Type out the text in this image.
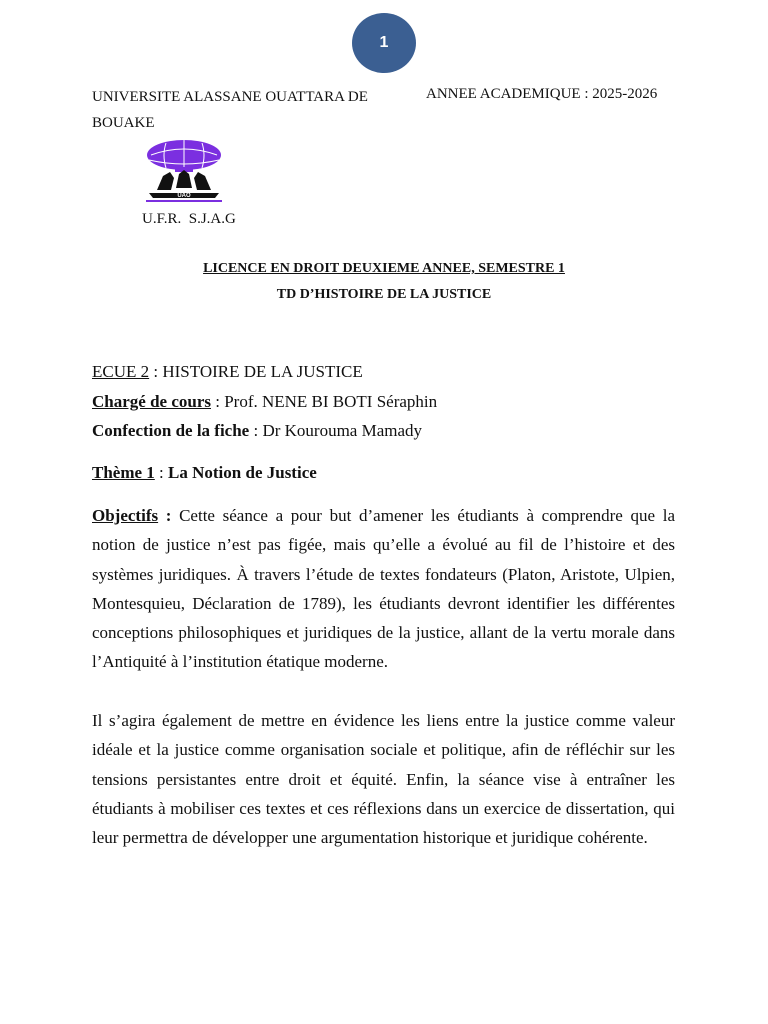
1
UNIVERSITE ALASSANE OUATTARA DE BOUAKE
ANNEE ACADEMIQUE : 2025-2026
UAO
U.F.R.  S.J.A.G
LICENCE EN DROIT DEUXIEME ANNEE, SEMESTRE 1
TD D’HISTOIRE DE LA JUSTICE
ECUE 2 : HISTOIRE DE LA JUSTICE
Chargé de cours : Prof. NENE BI BOTI Séraphin
Confection de la fiche : Dr Kourouma Mamady
Thème 1 : La Notion de Justice
Objectifs : Cette séance a pour but d’amener les étudiants à comprendre que la notion de justice n’est pas figée, mais qu’elle a évolué au fil de l’histoire et des systèmes juridiques. À travers l’étude de textes fondateurs (Platon, Aristote, Ulpien, Montesquieu, Déclaration de 1789), les étudiants devront identifier les différentes conceptions philosophiques et juridiques de la justice, allant de la vertu morale dans l’Antiquité à l’institution étatique moderne.
Il s’agira également de mettre en évidence les liens entre la justice comme valeur idéale et la justice comme organisation sociale et politique, afin de réfléchir sur les tensions persistantes entre droit et équité. Enfin, la séance vise à entraîner les étudiants à mobiliser ces textes et ces réflexions dans un exercice de dissertation, qui leur permettra de développer une argumentation historique et juridique cohérente.
